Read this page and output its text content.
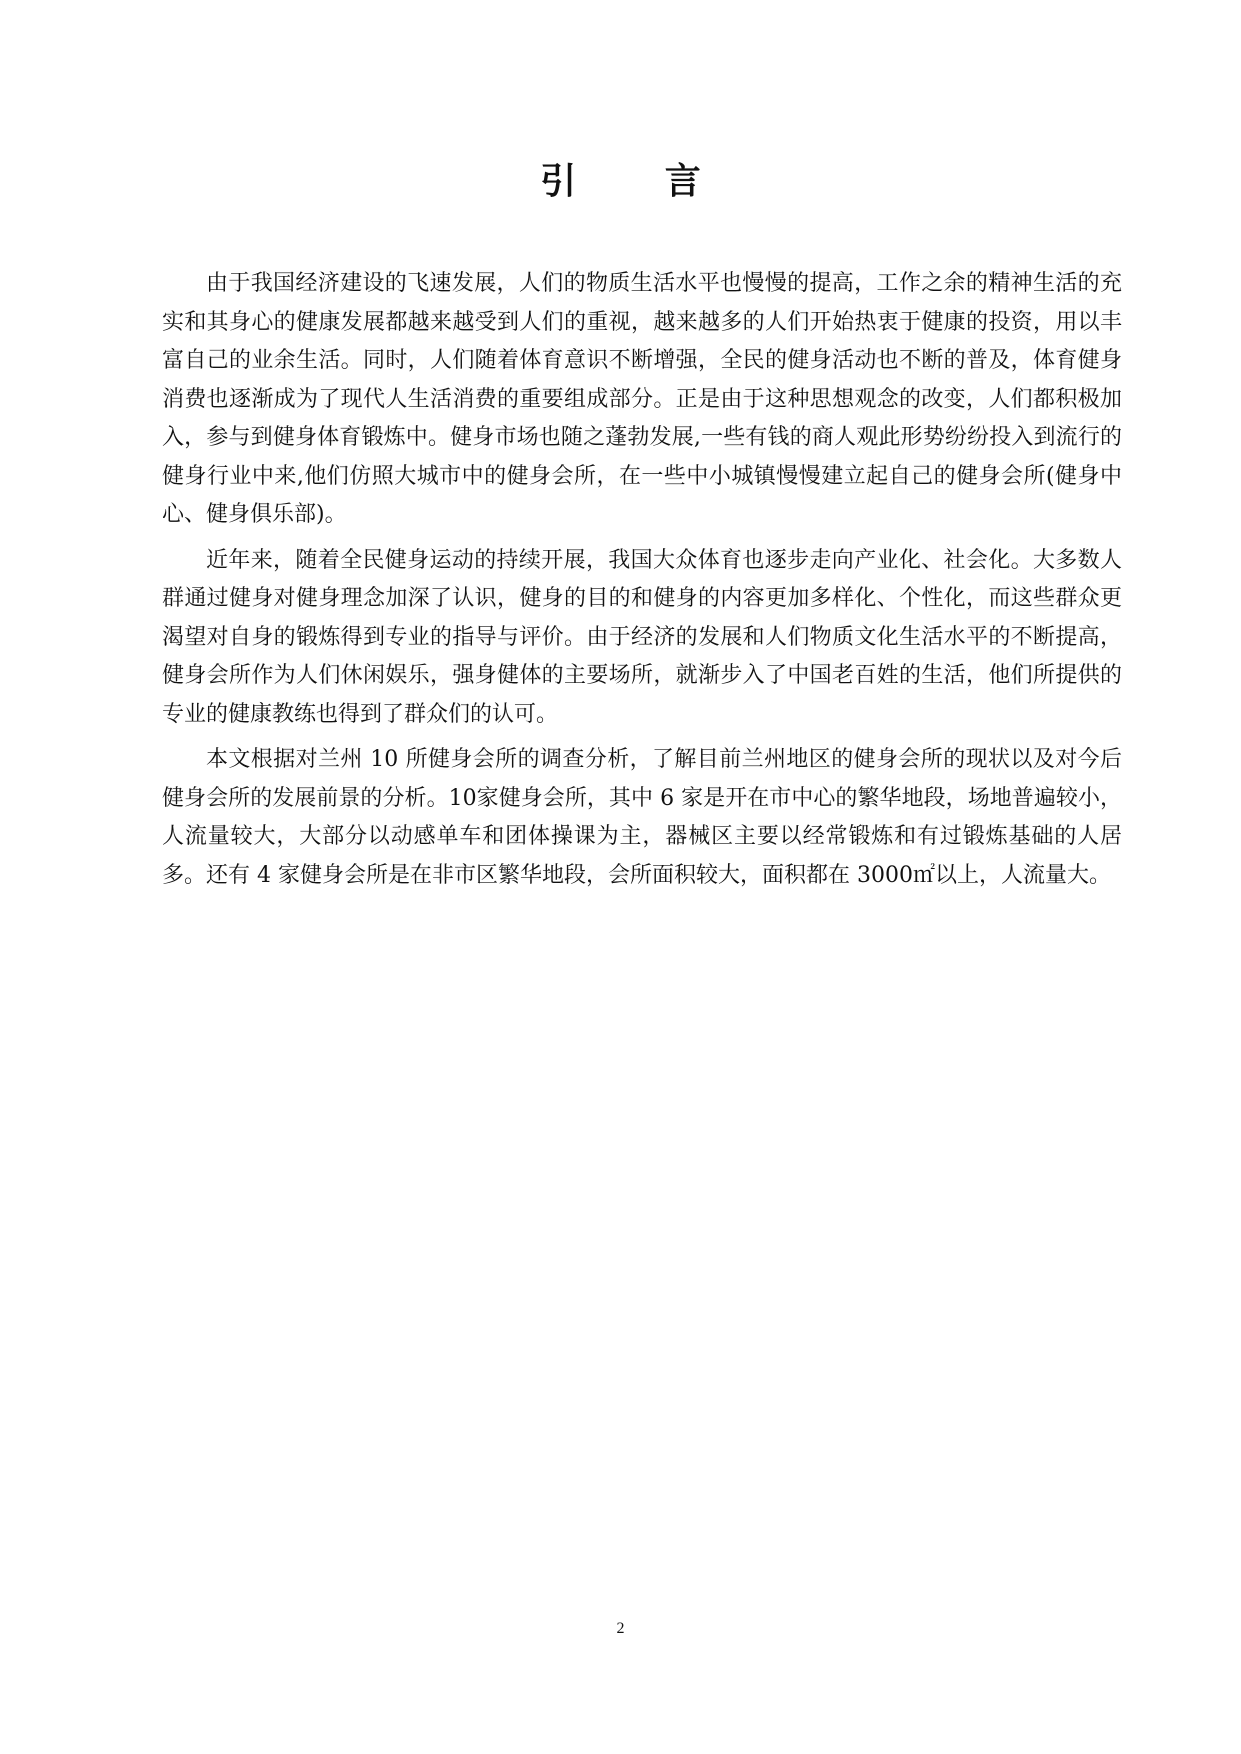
引 言

由于我国经济建设的飞速发展，人们的物质生活水平也慢慢的提高，工作之余的精神生活的充实和其身心的健康发展都越来越受到人们的重视，越来越多的人们开始热衷于健康的投资，用以丰富自己的业余生活。同时，人们随着体育意识不断增强，全民的健身活动也不断的普及，体育健身消费也逐渐成为了现代人生活消费的重要组成部分。正是由于这种思想观念的改变，人们都积极加入，参与到健身体育锻炼中。健身市场也随之蓬勃发展,一些有钱的商人观此形势纷纷投入到流行的健身行业中来,他们仿照大城市中的健身会所，在一些中小城镇慢慢建立起自己的健身会所(健身中心、健身俱乐部)。

近年来，随着全民健身运动的持续开展，我国大众体育也逐步走向产业化、社会化。大多数人群通过健身对健身理念加深了认识，健身的目的和健身的内容更加多样化、个性化，而这些群众更渴望对自身的锻炼得到专业的指导与评价。由于经济的发展和人们物质文化生活水平的不断提高，健身会所作为人们休闲娱乐，强身健体的主要场所，就渐步入了中国老百姓的生活，他们所提供的专业的健康教练也得到了群众们的认可。

本文根据对兰州 10 所健身会所的调查分析，了解目前兰州地区的健身会所的现状以及对今后健身会所的发展前景的分析。10家健身会所，其中 6 家是开在市中心的繁华地段，场地普遍较小，人流量较大，大部分以动感单车和团体操课为主，器械区主要以经常锻炼和有过锻炼基础的人居多。还有 4 家健身会所是在非市区繁华地段，会所面积较大，面积都在 3000㎡以上，人流量大。

2
